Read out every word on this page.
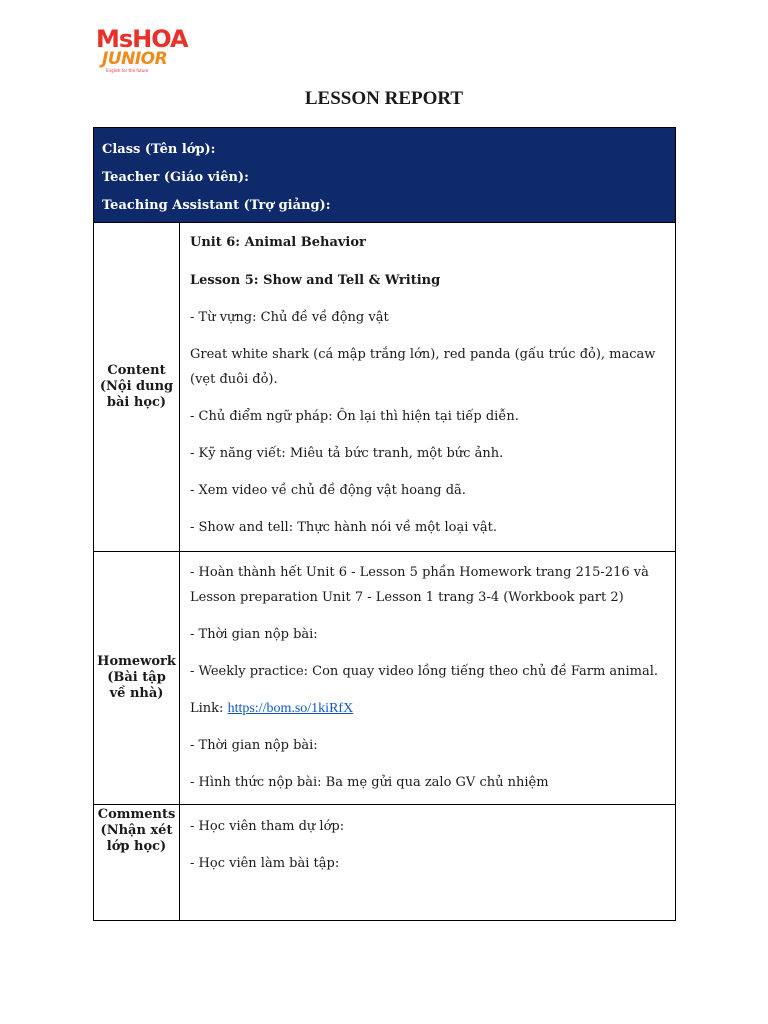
MsHOA
JUNIOR
English for the future
LESSON REPORT
Class (Tên lớp):
Teacher (Giáo viên):
Teaching Assistant (Trợ giảng):
Content (Nội dung bài học)

Unit 6: Animal Behavior

Lesson 5: Show and Tell & Writing

- Từ vựng: Chủ đề về động vật

Great white shark (cá mập trắng lớn), red panda (gấu trúc đỏ), macaw (vẹt đuôi đỏ).

- Chủ điểm ngữ pháp: Ôn lại thì hiện tại tiếp diễn.

- Kỹ năng viết: Miêu tả bức tranh, một bức ảnh.

- Xem video về chủ đề động vật hoang dã.

- Show and tell: Thực hành nói về một loại vật.

Homework (Bài tập về nhà)

- Hoàn thành hết Unit 6 - Lesson 5 phần Homework trang 215-216 và Lesson preparation Unit 7 - Lesson 1 trang 3-4 (Workbook part 2)

- Thời gian nộp bài:

- Weekly practice: Con quay video lồng tiếng theo chủ đề Farm animal.

Link: https://bom.so/1kiRfX

- Thời gian nộp bài:

- Hình thức nộp bài: Ba mẹ gửi qua zalo GV chủ nhiệm

Comments (Nhận xét lớp học)

- Học viên tham dự lớp:

- Học viên làm bài tập:
